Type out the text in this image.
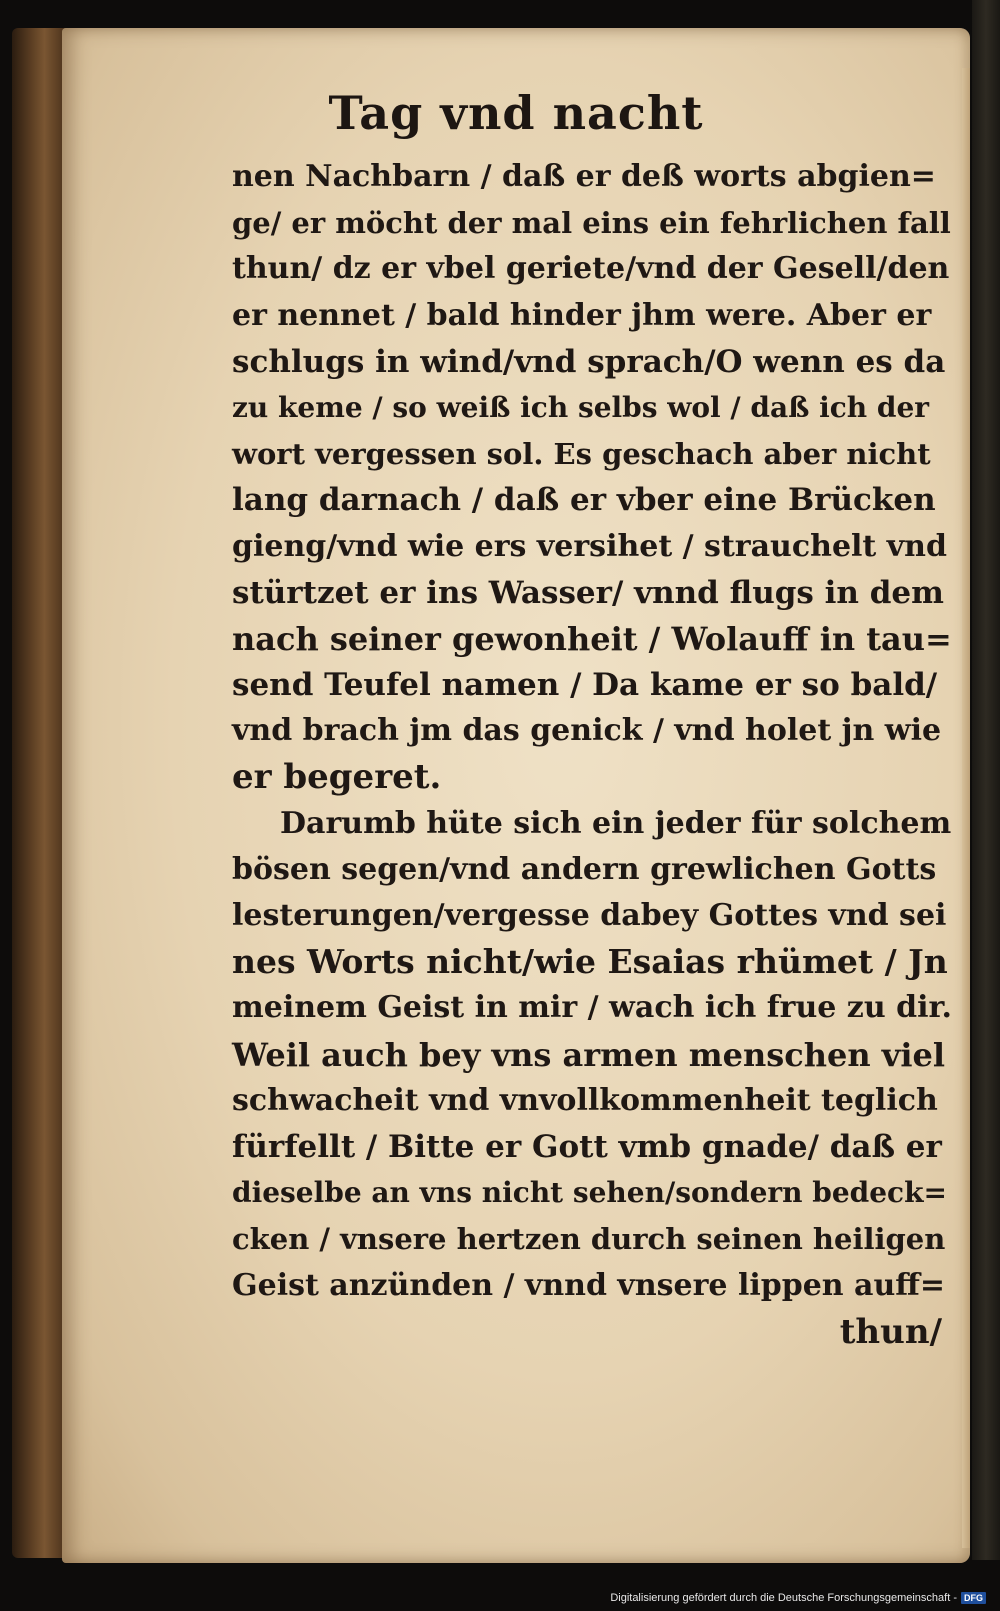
Tag vnd nacht
nen Nachbarn / daß er deß worts abgien=
ge/ er möcht der mal eins ein fehrlichen fall
thun/ dz er vbel geriete/vnd der Gesell/den
er nennet / bald hinder jhm were. Aber er
schlugs in wind/vnd sprach/O wenn es da
zu keme / so weiß ich selbs wol / daß ich der
wort vergessen sol. Es geschach aber nicht
lang darnach / daß er vber eine Brücken
gieng/vnd wie ers versihet / strauchelt vnd
stürtzet er ins Wasser/ vnnd flugs in dem
nach seiner gewonheit / Wolauff in tau=
send Teufel namen / Da kame er so bald/
vnd brach jm das genick / vnd holet jn wie
er begeret.
Darumb hüte sich ein jeder für solchem
bösen segen/vnd andern grewlichen Gotts
lesterungen/vergesse dabey Gottes vnd sei
nes Worts nicht/wie Esaias rhümet / Jn
meinem Geist in mir / wach ich frue zu dir.
Weil auch bey vns armen menschen viel
schwacheit vnd vnvollkommenheit teglich
fürfellt / Bitte er Gott vmb gnade/ daß er
dieselbe an vns nicht sehen/sondern bedeck=
cken / vnsere hertzen durch seinen heiligen
Geist anzünden / vnnd vnsere lippen auff=
thun/
Digitalisierung gefördert durch die Deutsche Forschungsgemeinschaft - DFG
